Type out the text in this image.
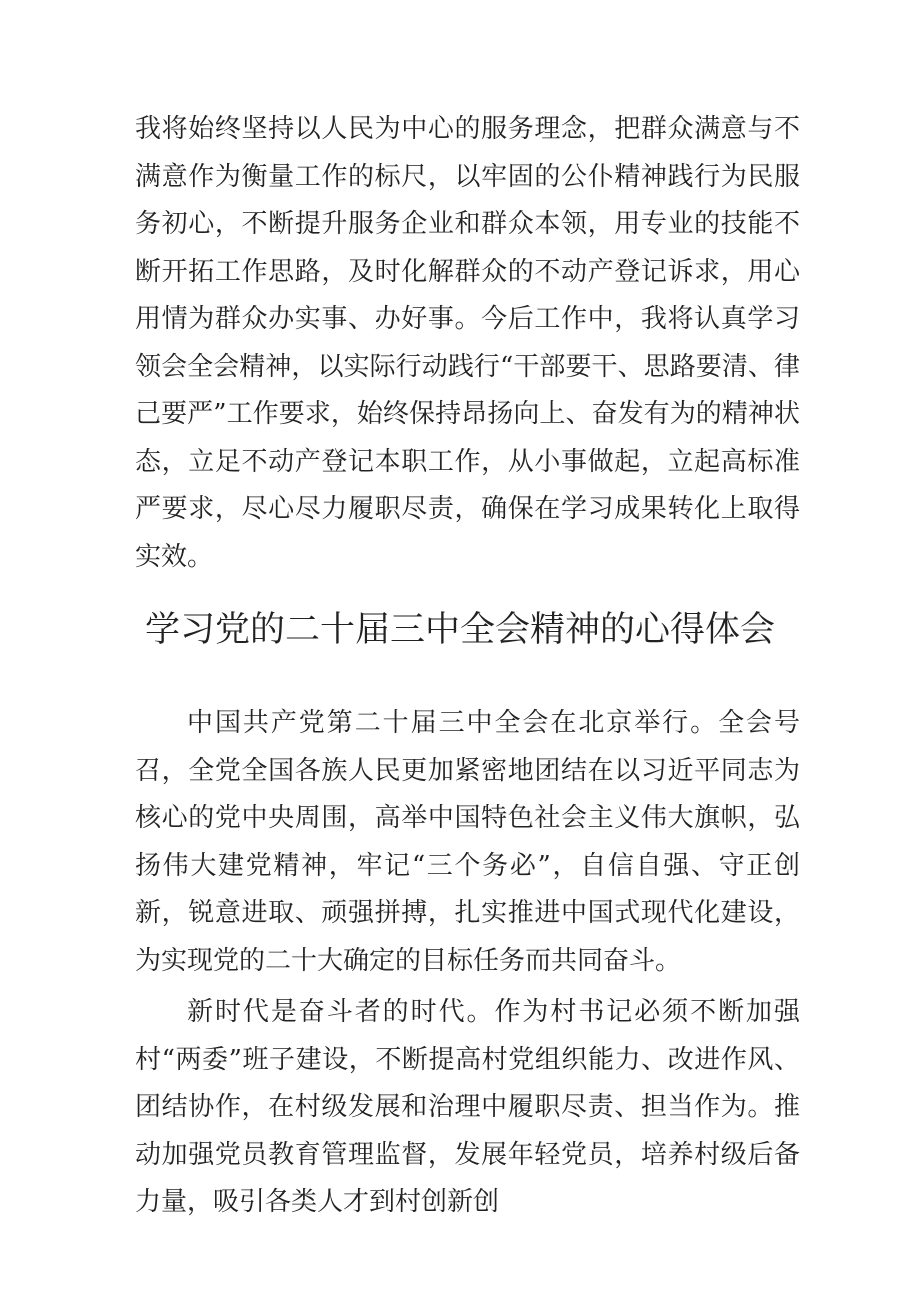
我将始终坚持以人民为中心的服务理念，把群众满意与不满意作为衡量工作的标尺，以牢固的公仆精神践行为民服务初心，不断提升服务企业和群众本领，用专业的技能不断开拓工作思路，及时化解群众的不动产登记诉求，用心用情为群众办实事、办好事。今后工作中，我将认真学习领会全会精神，以实际行动践行“干部要干、思路要清、律己要严”工作要求，始终保持昂扬向上、奋发有为的精神状态，立足不动产登记本职工作，从小事做起，立起高标准严要求，尽心尽力履职尽责，确保在学习成果转化上取得实效。

学习党的二十届三中全会精神的心得体会

中国共产党第二十届三中全会在北京举行。全会号召，全党全国各族人民更加紧密地团结在以习近平同志为核心的党中央周围，高举中国特色社会主义伟大旗帜，弘扬伟大建党精神，牢记“三个务必”，自信自强、守正创新，锐意进取、顽强拼搏，扎实推进中国式现代化建设，为实现党的二十大确定的目标任务而共同奋斗。

新时代是奋斗者的时代。作为村书记必须不断加强村“两委”班子建设，不断提高村党组织能力、改进作风、团结协作，在村级发展和治理中履职尽责、担当作为。推动加强党员教育管理监督，发展年轻党员，培养村级后备力量，吸引各类人才到村创新创
